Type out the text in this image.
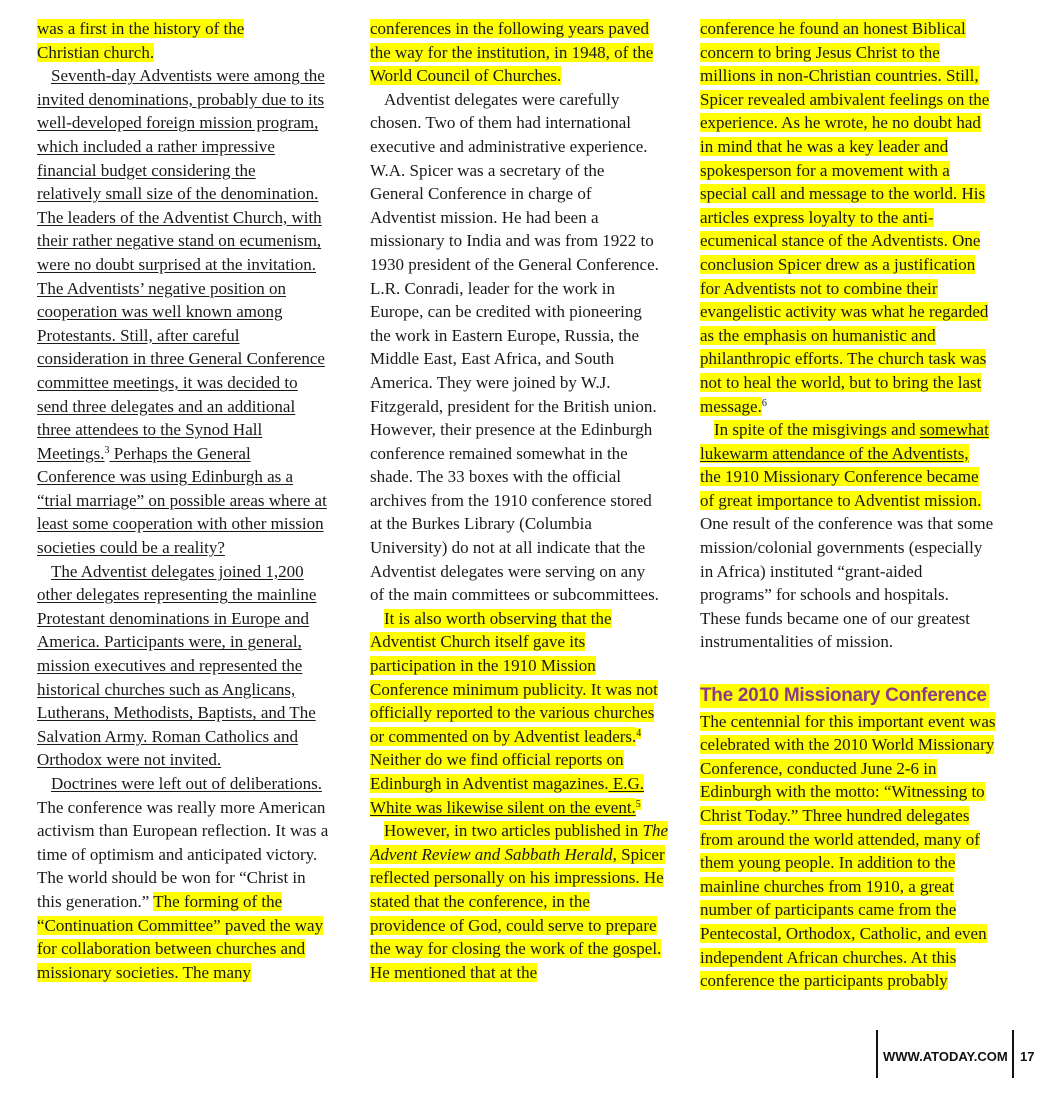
was a first in the history of the
Christian church.
Seventh-day Adventists were among the
invited denominations, probably due to its
well-developed foreign mission program,
which included a rather impressive
financial budget considering the
relatively small size of the denomination.
The leaders of the Adventist Church, with
their rather negative stand on ecumenism,
were no doubt surprised at the invitation.
The Adventists’ negative position on
cooperation was well known among
Protestants. Still, after careful
consideration in three General Conference
committee meetings, it was decided to
send three delegates and an additional
three attendees to the Synod Hall
Meetings.$^3$ Perhaps the General
Conference was using Edinburgh as a
“trial marriage” on possible areas where at
least some cooperation with other mission
societies could be a reality?
The Adventist delegates joined 1,200
other delegates representing the mainline
Protestant denominations in Europe and
America. Participants were, in general,
mission executives and represented the
historical churches such as Anglicans,
Lutherans, Methodists, Baptists, and The
Salvation Army. Roman Catholics and
Orthodox were not invited.
Doctrines were left out of deliberations.
The conference was really more American
activism than European reflection. It was a
time of optimism and anticipated victory.
The world should be won for “Christ in
this generation.” The forming of the
“Continuation Committee” paved the way
for collaboration between churches and
missionary societies. The many
conferences in the following years paved
the way for the institution, in 1948, of the
World Council of Churches.
Adventist delegates were carefully
chosen. Two of them had international
executive and administrative experience.
W.A. Spicer was a secretary of the
General Conference in charge of
Adventist mission. He had been a
missionary to India and was from 1922 to
1930 president of the General Conference.
L.R. Conradi, leader for the work in
Europe, can be credited with pioneering
the work in Eastern Europe, Russia, the
Middle East, East Africa, and South
America. They were joined by W.J.
Fitzgerald, president for the British union.
However, their presence at the Edinburgh
conference remained somewhat in the
shade. The 33 boxes with the official
archives from the 1910 conference stored
at the Burkes Library (Columbia
University) do not at all indicate that the
Adventist delegates were serving on any
of the main committees or subcommittees.
It is also worth observing that the
Adventist Church itself gave its
participation in the 1910 Mission
Conference minimum publicity. It was not
officially reported to the various churches
or commented on by Adventist leaders.$^4$
Neither do we find official reports on
Edinburgh in Adventist magazines. E.G.
White was likewise silent on the event.$^5$
However, in two articles published in The
Advent Review and Sabbath Herald, Spicer
reflected personally on his impressions. He
stated that the conference, in the
providence of God, could serve to prepare
the way for closing the work of the gospel.
He mentioned that at the
conference he found an honest Biblical
concern to bring Jesus Christ to the
millions in non-Christian countries. Still,
Spicer revealed ambivalent feelings on the
experience. As he wrote, he no doubt had
in mind that he was a key leader and
spokesperson for a movement with a
special call and message to the world. His
articles express loyalty to the anti-
ecumenical stance of the Adventists. One
conclusion Spicer drew as a justification
for Adventists not to combine their
evangelistic activity was what he regarded
as the emphasis on humanistic and
philanthropic efforts. The church task was
not to heal the world, but to bring the last
message.$^6$
In spite of the misgivings and somewhat
lukewarm attendance of the Adventists,
the 1910 Missionary Conference became
of great importance to Adventist mission.
One result of the conference was that some
mission/colonial governments (especially
in Africa) instituted “grant-aided
programs” for schools and hospitals.
These funds became one of our greatest
instrumentalities of mission.
The 2010 Missionary Conference
The centennial for this important event was
celebrated with the 2010 World Missionary
Conference, conducted June 2-6 in
Edinburgh with the motto: “Witnessing to
Christ Today.” Three hundred delegates
from around the world attended, many of
them young people. In addition to the
mainline churches from 1910, a great
number of participants came from the
Pentecostal, Orthodox, Catholic, and even
independent African churches. At this
conference the participants probably
WWW.ATODAY.COM 17
